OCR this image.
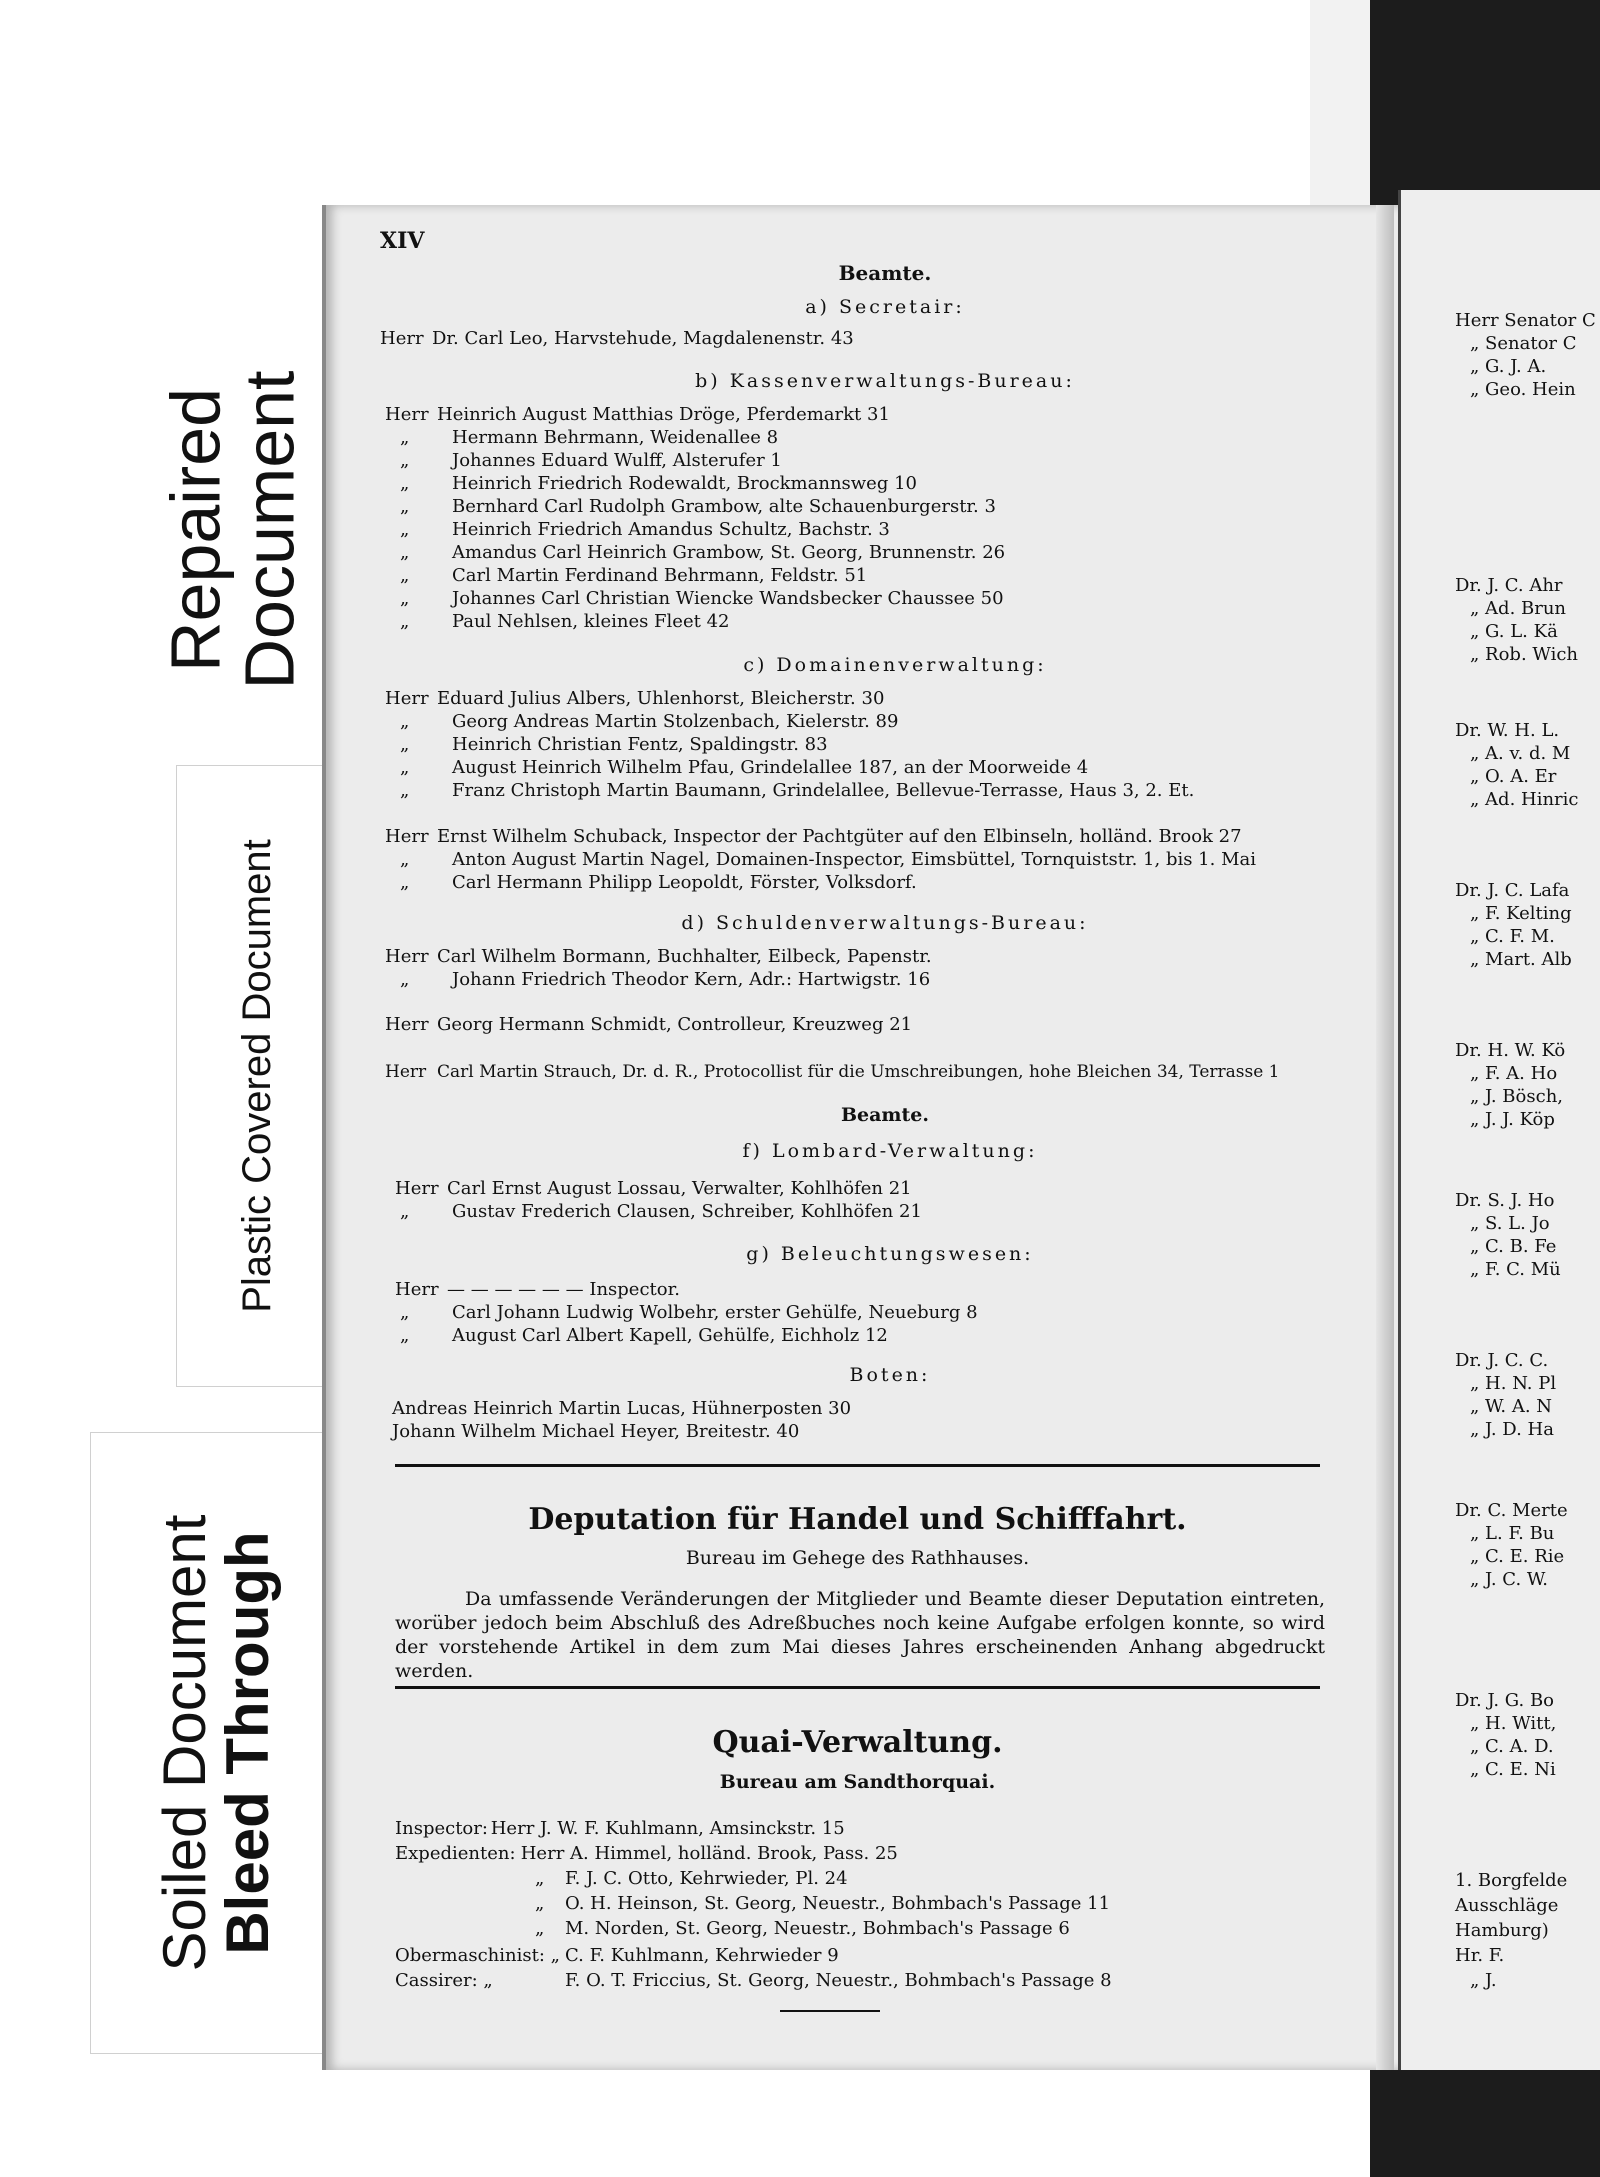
Repaired
Document
Plastic Covered Document
Soiled Document
Bleed Through
XIV
Beamte.
a) Secretair:
Herr Dr. Carl Leo, Harvstehude, Magdalenenstr. 43
b) Kassenverwaltungs-Bureau:
Herr Heinrich August Matthias Dröge, Pferdemarkt 31
„ Hermann Behrmann, Weidenallee 8
„ Johannes Eduard Wulff, Alsterufer 1
„ Heinrich Friedrich Rodewaldt, Brockmannsweg 10
„ Bernhard Carl Rudolph Grambow, alte Schauenburgerstr. 3
„ Heinrich Friedrich Amandus Schultz, Bachstr. 3
„ Amandus Carl Heinrich Grambow, St. Georg, Brunnenstr. 26
„ Carl Martin Ferdinand Behrmann, Feldstr. 51
„ Johannes Carl Christian Wiencke Wandsbecker Chaussee 50
„ Paul Nehlsen, kleines Fleet 42
c) Domainenverwaltung:
Herr Eduard Julius Albers, Uhlenhorst, Bleicherstr. 30
„ Georg Andreas Martin Stolzenbach, Kielerstr. 89
„ Heinrich Christian Fentz, Spaldingstr. 83
„ August Heinrich Wilhelm Pfau, Grindelallee 187, an der Moorweide 4
„ Franz Christoph Martin Baumann, Grindelallee, Bellevue-Terrasse, Haus 3, 2. Et.
Herr Ernst Wilhelm Schuback, Inspector der Pachtgüter auf den Elbinseln, holländ. Brook 27
„ Anton August Martin Nagel, Domainen-Inspector, Eimsbüttel, Tornquiststr. 1, bis 1. Mai
„ Carl Hermann Philipp Leopoldt, Förster, Volksdorf.
d) Schuldenverwaltungs-Bureau:
Herr Carl Wilhelm Bormann, Buchhalter, Eilbeck, Papenstr.
„ Johann Friedrich Theodor Kern, Adr.: Hartwigstr. 16
Herr Georg Hermann Schmidt, Controlleur, Kreuzweg 21
Herr Carl Martin Strauch, Dr. d. R., Protocollist für die Umschreibungen, hohe Bleichen 34, Terrasse 1
Beamte.
f) Lombard-Verwaltung:
Herr Carl Ernst August Lossau, Verwalter, Kohlhöfen 21
„ Gustav Frederich Clausen, Schreiber, Kohlhöfen 21
g) Beleuchtungswesen:
Herr — — — — — — Inspector.
„ Carl Johann Ludwig Wolbehr, erster Gehülfe, Neueburg 8
„ August Carl Albert Kapell, Gehülfe, Eichholz 12
Boten:
Andreas Heinrich Martin Lucas, Hühnerposten 30
Johann Wilhelm Michael Heyer, Breitestr. 40
Deputation für Handel und Schifffahrt.
Bureau im Gehege des Rathhauses.
Da umfassende Veränderungen der Mitglieder und Beamte dieser Deputation eintreten, worüber jedoch beim Abschluß des Adreßbuches noch keine Aufgabe erfolgen konnte, so wird der vorstehende Artikel in dem zum Mai dieses Jahres erscheinenden Anhang abgedruckt werden.
Quai-Verwaltung.
Bureau am Sandthorquai.
Inspector: Herr J. W. F. Kuhlmann, Amsinckstr. 15
Expedienten: Herr A. Himmel, holländ. Brook, Pass. 25
„ F. J. C. Otto, Kehrwieder, Pl. 24
„ O. H. Heinson, St. Georg, Neuestr., Bohmbach's Passage 11
„ M. Norden, St. Georg, Neuestr., Bohmbach's Passage 6
Obermaschinist: „ C. F. Kuhlmann, Kehrwieder 9
Cassirer: „	F. O. T. Friccius, St. Georg, Neuestr., Bohmbach's Passage 8
Herr Senator C
„ Senator C
„ G. J. A.
„ Geo. Hein
Dr. J. C. Ahr
„ Ad. Brun
„ G. L. Kä
„ Rob. Wich
Dr. W. H. L.
„ A. v. d. M
„ O. A. Er
„ Ad. Hinric
Dr. J. C. Lafa
„ F. Kelting
„ C. F. M.
„ Mart. Alb
Dr. H. W. Kö
„ F. A. Ho
„ J. Bösch,
„ J. J. Köp
Dr. S. J. Ho
„ S. L. Jo
„ C. B. Fe
„ F. C. Mü
Dr. J. C. C.
„ H. N. Pl
„ W. A. N
„ J. D. Ha
Dr. C. Merte
„ L. F. Bu
„ C. E. Rie
„ J. C. W.
Dr. J. G. Bo
„ H. Witt,
„ C. A. D.
„ C. E. Ni
1. Borgfelde
Ausschläge
Hamburg)
Hr. F.
„ J.
